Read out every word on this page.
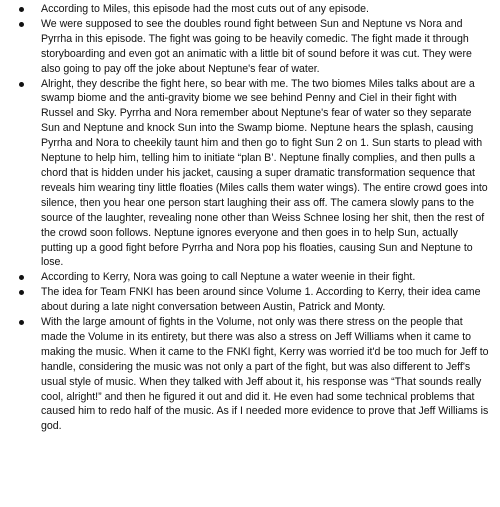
According to Miles, this episode had the most cuts out of any episode.
We were supposed to see the doubles round fight between Sun and Neptune vs Nora and Pyrrha in this episode. The fight was going to be heavily comedic. The fight made it through storyboarding and even got an animatic with a little bit of sound before it was cut. They were also going to pay off the joke about Neptune's fear of water.
Alright, they describe the fight here, so bear with me. The two biomes Miles talks about are a swamp biome and the anti-gravity biome we see behind Penny and Ciel in their fight with Russel and Sky. Pyrrha and Nora remember about Neptune's fear of water so they separate Sun and Neptune and knock Sun into the Swamp biome. Neptune hears the splash, causing Pyrrha and Nora to cheekily taunt him and then go to fight Sun 2 on 1. Sun starts to plead with Neptune to help him, telling him to initiate “plan B’. Neptune finally complies, and then pulls a chord that is hidden under his jacket, causing a super dramatic transformation sequence that reveals him wearing tiny little floaties (Miles calls them water wings). The entire crowd goes into silence, then you hear one person start laughing their ass off. The camera slowly pans to the source of the laughter, revealing none other than Weiss Schnee losing her shit, then the rest of the crowd soon follows. Neptune ignores everyone and then goes in to help Sun, actually putting up a good fight before Pyrrha and Nora pop his floaties, causing Sun and Neptune to lose.
According to Kerry, Nora was going to call Neptune a water weenie in their fight.
The idea for Team FNKI has been around since Volume 1. According to Kerry, their idea came about during a late night conversation between Austin, Patrick and Monty.
With the large amount of fights in the Volume, not only was there stress on the people that made the Volume in its entirety, but there was also a stress on Jeff Williams when it came to making the music. When it came to the FNKI fight, Kerry was worried it'd be too much for Jeff to handle, considering the music was not only a part of the fight, but was also different to Jeff's usual style of music. When they talked with Jeff about it, his response was “That sounds really cool, alright!” and then he figured it out and did it. He even had some technical problems that caused him to redo half of the music. As if I needed more evidence to prove that Jeff Williams is god.
